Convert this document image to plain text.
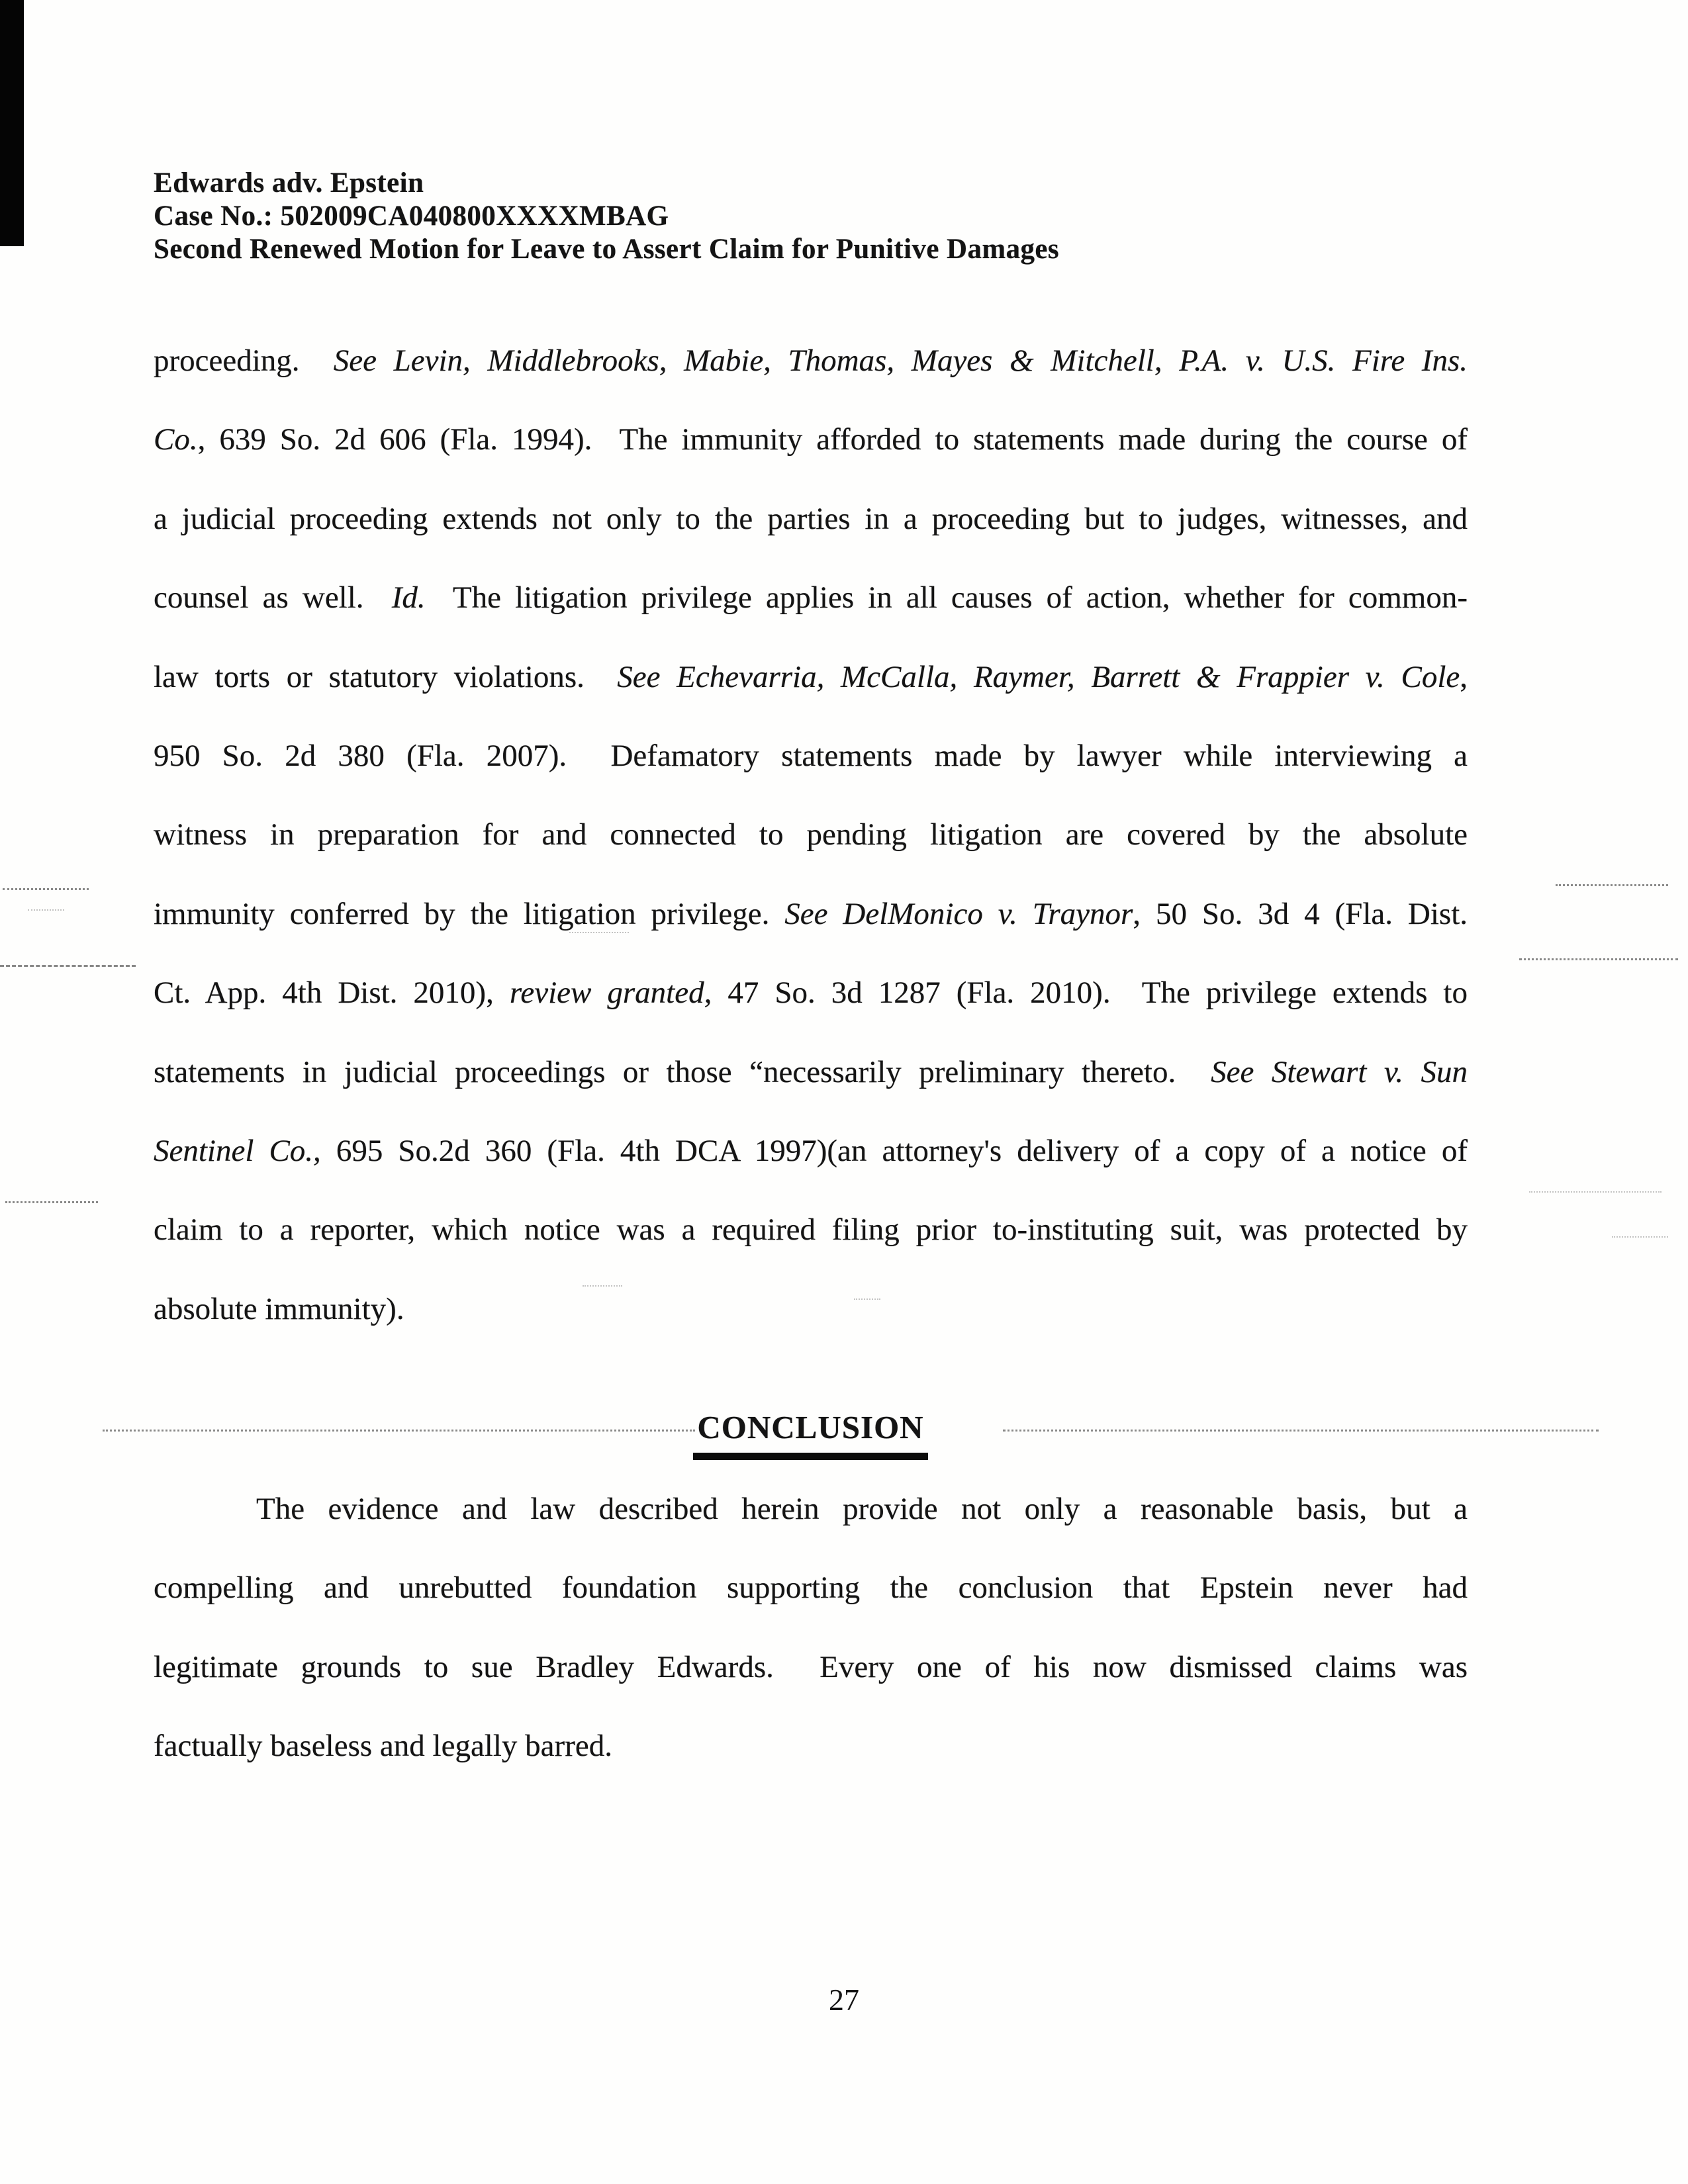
Edwards adv. Epstein
Case No.: 502009CA040800XXXXMBAG
Second Renewed Motion for Leave to Assert Claim for Punitive Damages
proceeding.  See Levin, Middlebrooks, Mabie, Thomas, Mayes & Mitchell, P.A. v. U.S. Fire Ins.
Co., 639 So. 2d 606 (Fla. 1994).  The immunity afforded to statements made during the course of
a judicial proceeding extends not only to the parties in a proceeding but to judges, witnesses, and
counsel as well.  Id.  The litigation privilege applies in all causes of action, whether for common-
law torts or statutory violations.  See Echevarria, McCalla, Raymer, Barrett & Frappier v. Cole,
950 So. 2d 380 (Fla. 2007).  Defamatory statements made by lawyer while interviewing a
witness in preparation for and connected to pending litigation are covered by the absolute
immunity conferred by the litigation privilege. See DelMonico v. Traynor, 50 So. 3d 4 (Fla. Dist.
Ct. App. 4th Dist. 2010), review granted, 47 So. 3d 1287 (Fla. 2010).  The privilege extends to
statements in judicial proceedings or those “necessarily preliminary thereto.  See Stewart v. Sun
Sentinel Co., 695 So.2d 360 (Fla. 4th DCA 1997)(an attorney's delivery of a copy of a notice of
claim to a reporter, which notice was a required filing prior to-instituting suit, was protected by
absolute immunity).
CONCLUSION
The evidence and law described herein provide not only a reasonable basis, but a
compelling and unrebutted foundation supporting the conclusion that Epstein never had
legitimate grounds to sue Bradley Edwards.  Every one of his now dismissed claims was
factually baseless and legally barred.
27
